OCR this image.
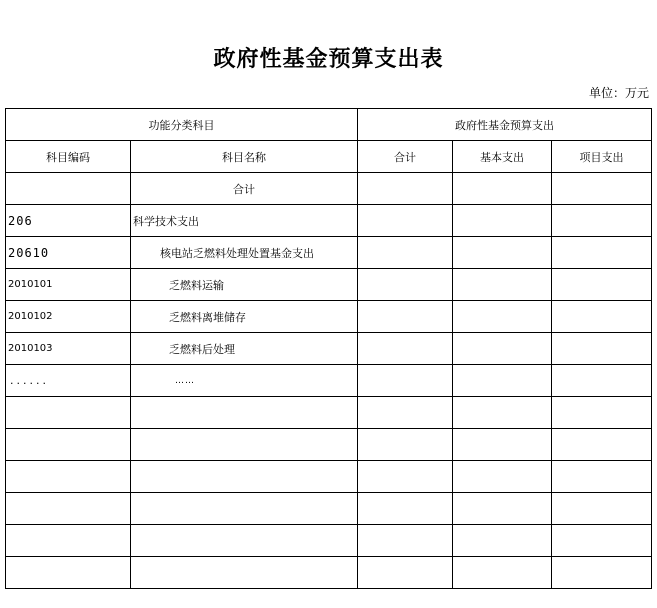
政府性基金预算支出表
单位：万元
功能分类科目		政府性基金预算支出		
科目编码	科目名称	合计	基本支出	项目支出
	合计			
206	科学技术支出			
20610	核电站乏燃料处理处置基金支出			
2010101	乏燃料运输			
2010102	乏燃料离堆储存			
2010103	乏燃料后处理			
......	……			
